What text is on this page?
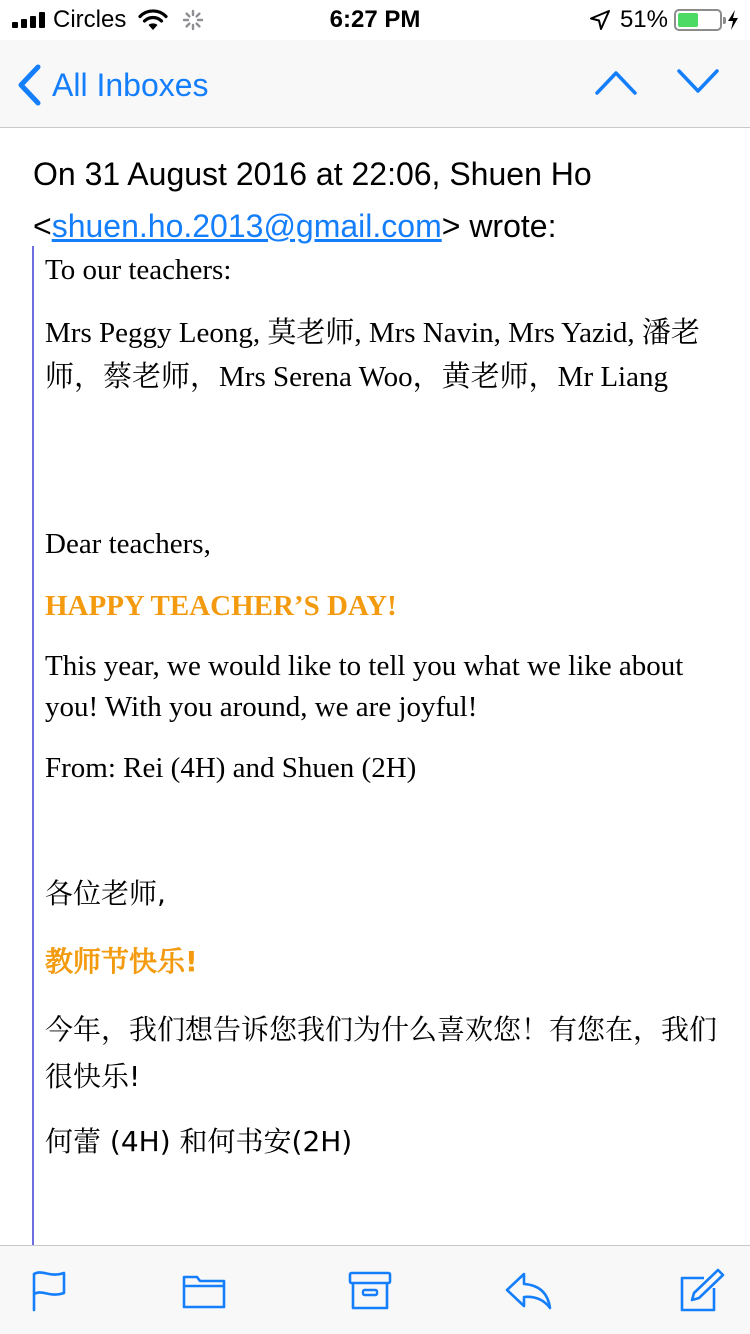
Circles	6:27 PM	51%
All Inboxes
On 31 August 2016 at 22:06, Shuen Ho <shuen.ho.2013@gmail.com> wrote:
To our teachers:
Mrs Peggy Leong, 莫老师, Mrs Navin, Mrs Yazid, 潘老师，蔡老师，Mrs Serena Woo，黄老师，Mr Liang
Dear teachers,
HAPPY TEACHER’S DAY!
This year, we would like to tell you what we like about you! With you around, we are joyful!
From: Rei (4H) and Shuen (2H)
各位老师,
教师节快乐!
今年，我们想告诉您我们为什么喜欢您！有您在，我们很快乐!
何蕾 (4H) 和何书安(2H)
